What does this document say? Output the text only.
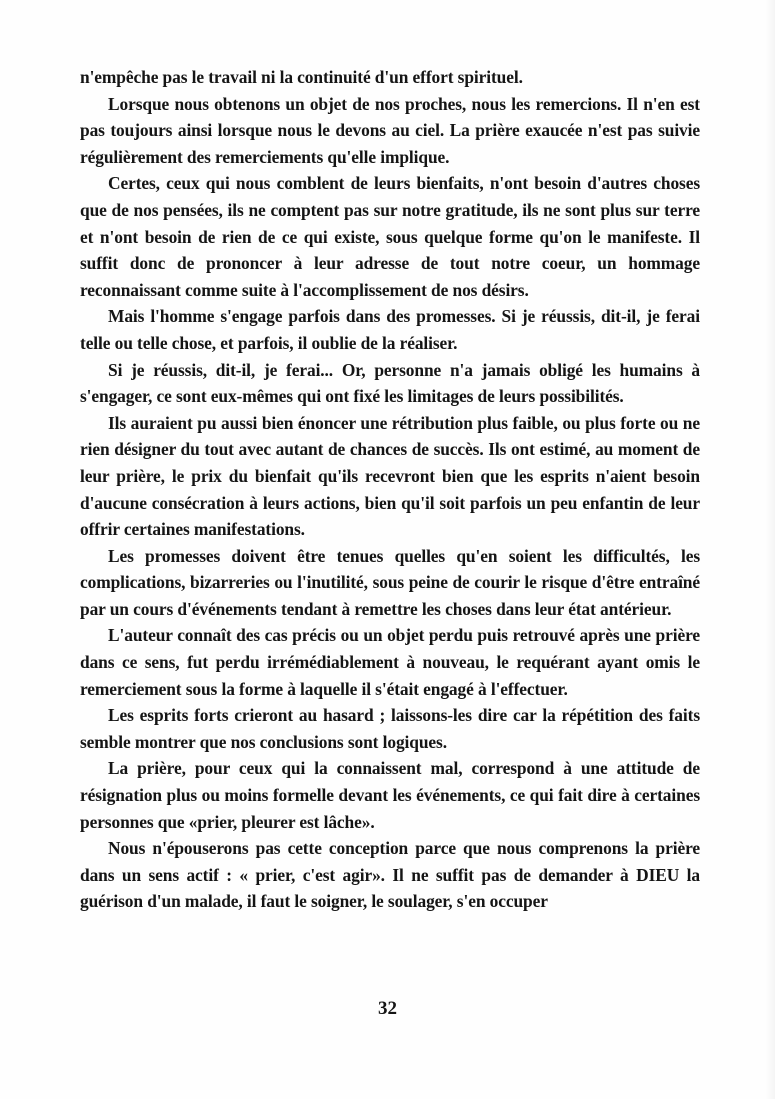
n'empêche pas le travail ni la continuité d'un effort spirituel.

Lorsque nous obtenons un objet de nos proches, nous les remercions. Il n'en est pas toujours ainsi lorsque nous le devons au ciel. La prière exaucée n'est pas suivie régulièrement des remerciements qu'elle implique.

Certes, ceux qui nous comblent de leurs bienfaits, n'ont besoin d'autres choses que de nos pensées, ils ne comptent pas sur notre gratitude, ils ne sont plus sur terre et n'ont besoin de rien de ce qui existe, sous quelque forme qu'on le manifeste. Il suffit donc de prononcer à leur adresse de tout notre coeur, un hommage reconnaissant comme suite à l'accomplissement de nos désirs.

Mais l'homme s'engage parfois dans des promesses. Si je réussis, dit-il, je ferai telle ou telle chose, et parfois, il oublie de la réaliser.

Si je réussis, dit-il, je ferai... Or, personne n'a jamais obligé les humains à s'engager, ce sont eux-mêmes qui ont fixé les limitages de leurs possibilités.

Ils auraient pu aussi bien énoncer une rétribution plus faible, ou plus forte ou ne rien désigner du tout avec autant de chances de succès. Ils ont estimé, au moment de leur prière, le prix du bienfait qu'ils recevront bien que les esprits n'aient besoin d'aucune consécration à leurs actions, bien qu'il soit parfois un peu enfantin de leur offrir certaines manifestations.

Les promesses doivent être tenues quelles qu'en soient les difficultés, les complications, bizarreries ou l'inutilité, sous peine de courir le risque d'être entraîné par un cours d'événements tendant à remettre les choses dans leur état antérieur.

L'auteur connaît des cas précis ou un objet perdu puis retrouvé après une prière dans ce sens, fut perdu irrémédiablement à nouveau, le requérant ayant omis le remerciement sous la forme à laquelle il s'était engagé à l'effectuer.

Les esprits forts crieront au hasard ; laissons-les dire car la répétition des faits semble montrer que nos conclusions sont logiques.

La prière, pour ceux qui la connaissent mal, correspond à une attitude de résignation plus ou moins formelle devant les événements, ce qui fait dire à certaines personnes que «prier, pleurer est lâche».

Nous n'épouserons pas cette conception parce que nous comprenons la prière dans un sens actif : « prier, c'est agir». Il ne suffit pas de demander à DIEU la guérison d'un malade, il faut le soigner, le soulager, s'en occuper

32
